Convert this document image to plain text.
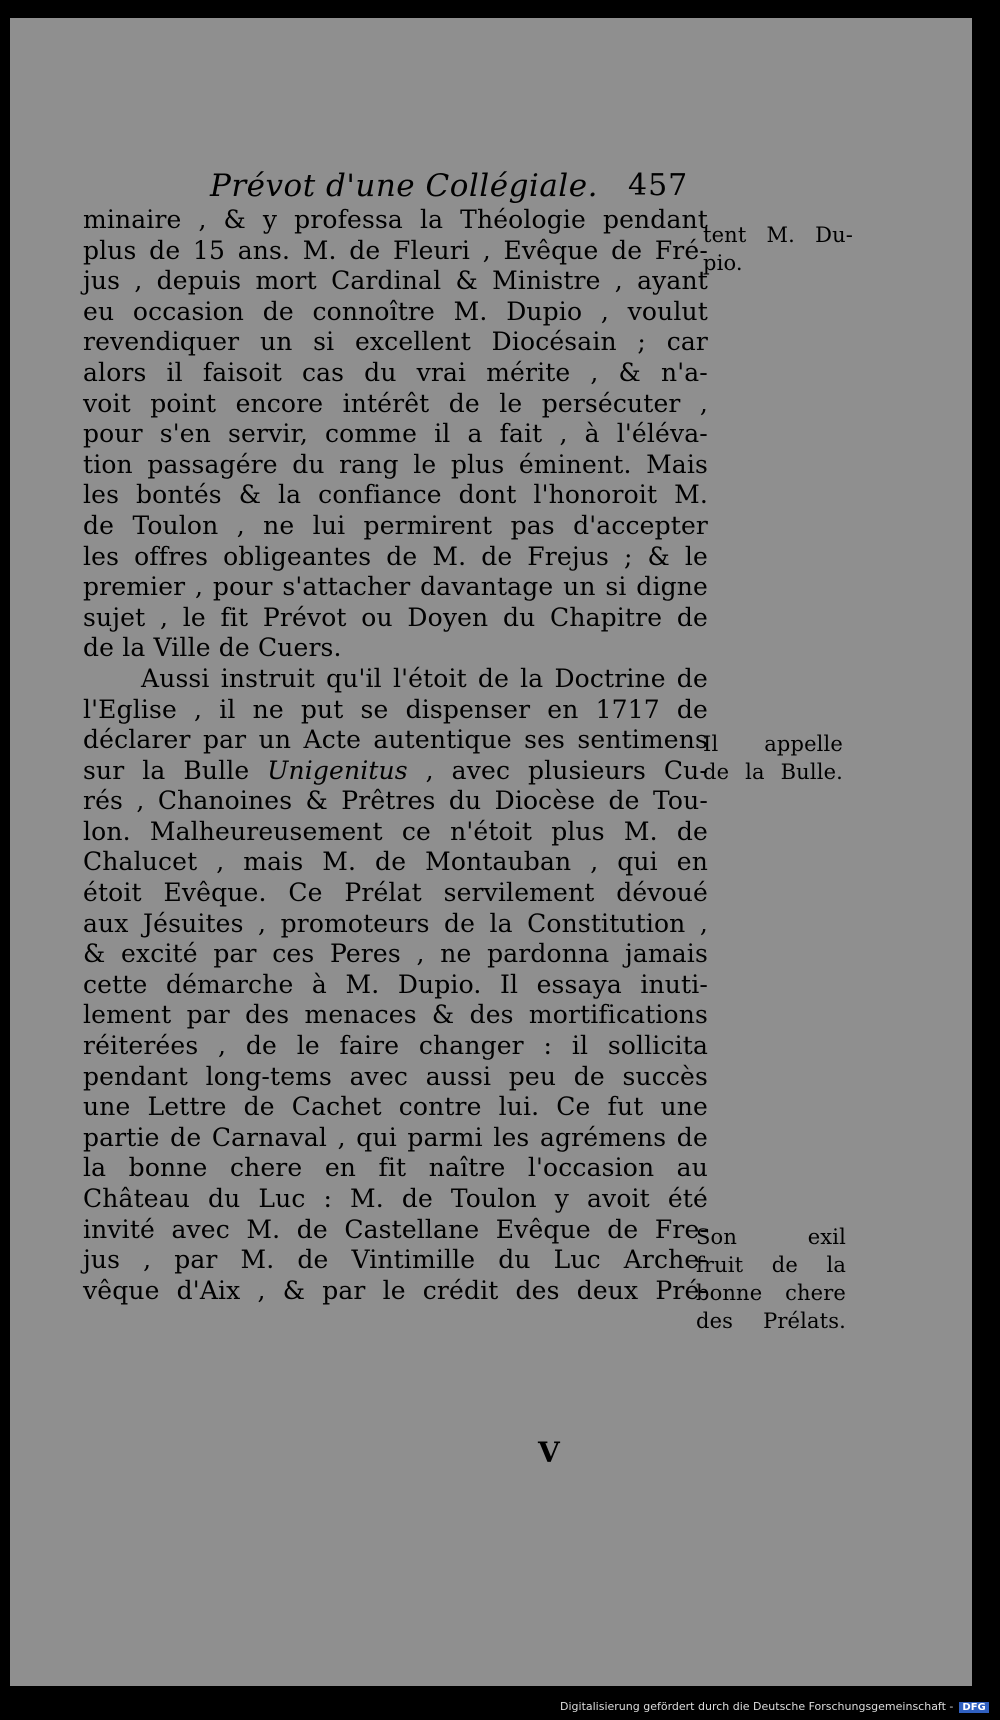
Prévot d'une Collégiale. 457
minaire , & y professa la Théologie pendant
plus de 15 ans. M. de Fleuri , Evêque de Fré-
jus , depuis mort Cardinal & Ministre , ayant
eu occasion de connoître M. Dupio , voulut
revendiquer un si excellent Diocésain ; car
alors il faisoit cas du vrai mérite , & n'a-
voit point encore intérêt de le persécuter ,
pour s'en servir, comme il a fait , à l'éléva-
tion passagére du rang le plus éminent. Mais
les bontés & la confiance dont l'honoroit M.
de Toulon , ne lui permirent pas d'accepter
les offres obligeantes de M. de Frejus ; & le
premier , pour s'attacher davantage un si digne
sujet , le fit Prévot ou Doyen du Chapitre de
de la Ville de Cuers.
Aussi instruit qu'il l'étoit de la Doctrine de
l'Eglise , il ne put se dispenser en 1717 de
déclarer par un Acte autentique ses sentimens
sur la Bulle Unigenitus , avec plusieurs Cu-
rés , Chanoines & Prêtres du Diocèse de Tou-
lon. Malheureusement ce n'étoit plus M. de
Chalucet , mais M. de Montauban , qui en
étoit Evêque. Ce Prélat servilement dévoué
aux Jésuites , promoteurs de la Constitution ,
& excité par ces Peres , ne pardonna jamais
cette démarche à M. Dupio. Il essaya inuti-
lement par des menaces & des mortifications
réiterées , de le faire changer : il sollicita
pendant long-tems avec aussi peu de succès
une Lettre de Cachet contre lui. Ce fut une
partie de Carnaval , qui parmi les agrémens de
la bonne chere en fit naître l'occasion au
Château du Luc : M. de Toulon y avoit été
invité avec M. de Castellane Evêque de Fre-
jus , par M. de Vintimille du Luc Arche-
vêque d'Aix , & par le crédit des deux Pré-
tent M. Du-
pio.
Il appelle
de la Bulle.
Son	exil
fruit de la
bonne chere
des Prélats.
V
Digitalisierung gefördert durch die Deutsche Forschungsgemeinschaft - DFG
